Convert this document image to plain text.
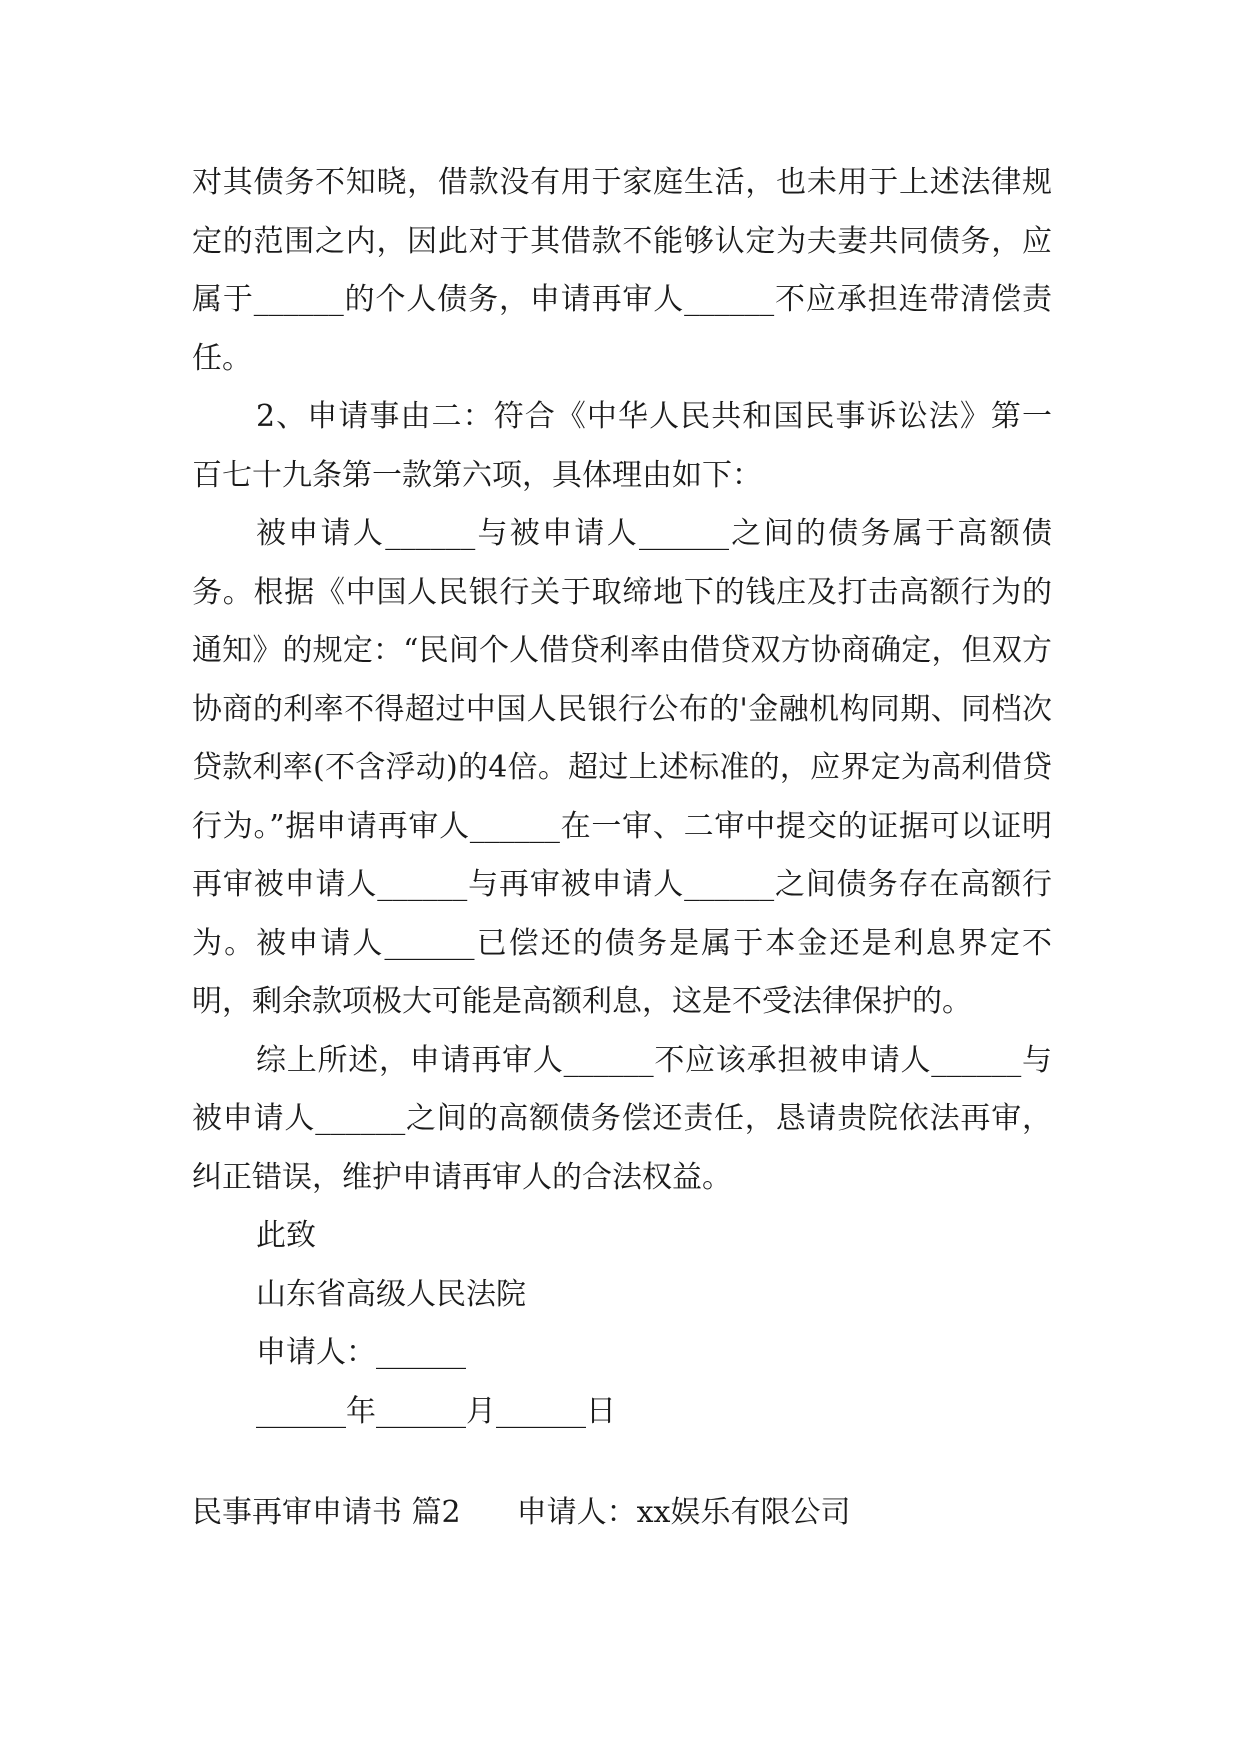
对其债务不知晓，借款没有用于家庭生活，也未用于上述法律规定的范围之内，因此对于其借款不能够认定为夫妻共同债务，应属于______的个人债务，申请再审人______不应承担连带清偿责任。

2、申请事由二：符合《中华人民共和国民事诉讼法》第一百七十九条第一款第六项，具体理由如下：

被申请人______与被申请人______之间的债务属于高额债务。根据《中国人民银行关于取缔地下的钱庄及打击高额行为的通知》的规定：“民间个人借贷利率由借贷双方协商确定，但双方协商的利率不得超过中国人民银行公布的'金融机构同期、同档次贷款利率(不含浮动)的4倍。超过上述标准的，应界定为高利借贷行为。”据申请再审人______在一审、二审中提交的证据可以证明再审被申请人______与再审被申请人______之间债务存在高额行为。被申请人______已偿还的债务是属于本金还是利息界定不明，剩余款项极大可能是高额利息，这是不受法律保护的。

综上所述，申请再审人______不应该承担被申请人______与被申请人______之间的高额债务偿还责任，恳请贵院依法再审，纠正错误，维护申请再审人的合法权益。

此致

山东省高级人民法院

申请人：______

______年______月______日

民事再审申请书 篇2 申请人：xx娱乐有限公司
